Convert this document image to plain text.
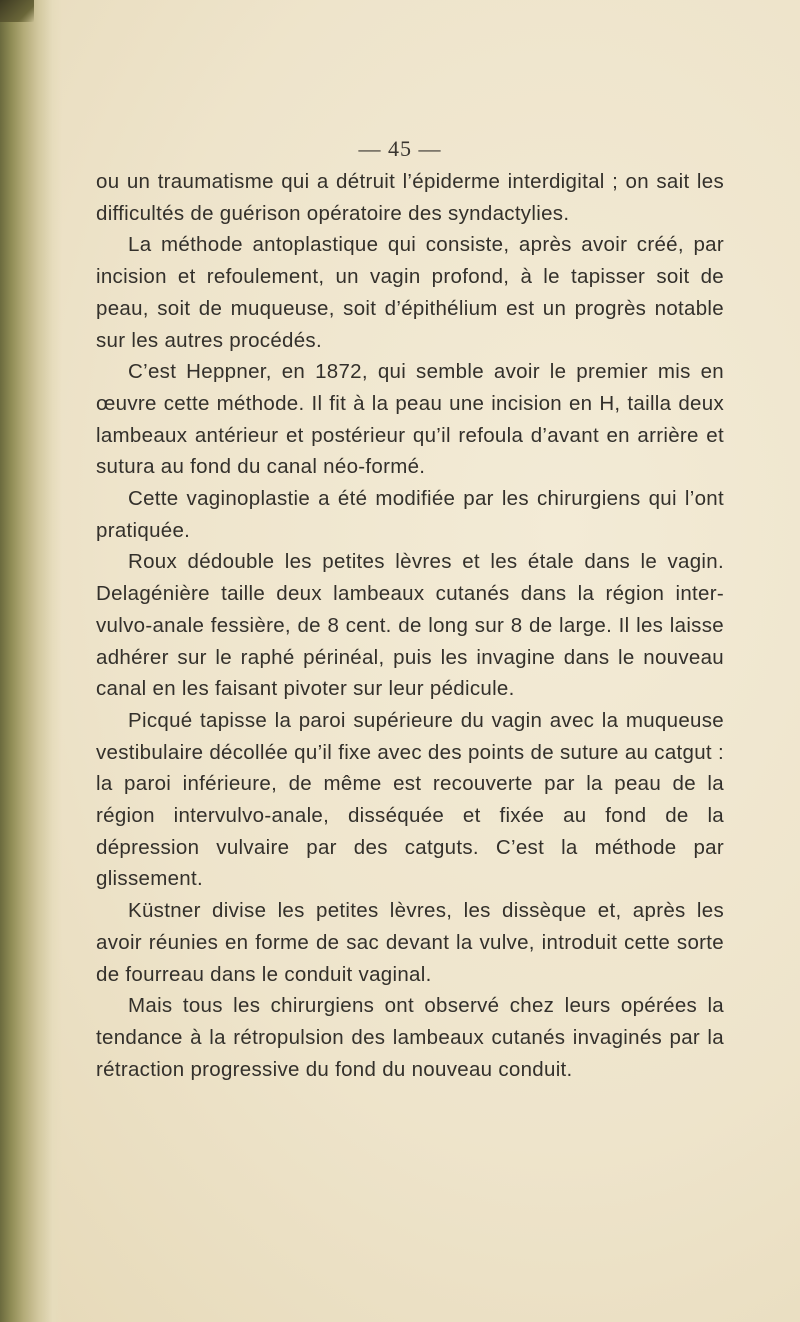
— 45 —

ou un traumatisme qui a détruit l’épiderme interdigital ; on sait les difficultés de guérison opératoire des syndactylies.

La méthode antoplastique qui consiste, après avoir créé, par incision et refoulement, un vagin profond, à le tapisser soit de peau, soit de muqueuse, soit d’épithélium est un progrès notable sur les autres procédés.

C’est Heppner, en 1872, qui semble avoir le premier mis en œuvre cette méthode. Il fit à la peau une incision en H, tailla deux lambeaux antérieur et postérieur qu’il refoula d’avant en arrière et sutura au fond du canal néo-formé.

Cette vaginoplastie a été modifiée par les chirurgiens qui l’ont pratiquée.

Roux dédouble les petites lèvres et les étale dans le vagin. Delagénière taille deux lambeaux cutanés dans la région inter-vulvo-anale fessière, de 8 cent. de long sur 8 de large. Il les laisse adhérer sur le raphé périnéal, puis les invagine dans le nouveau canal en les faisant pivoter sur leur pédicule.

Picqué tapisse la paroi supérieure du vagin avec la muqueuse vestibulaire décollée qu’il fixe avec des points de suture au catgut : la paroi inférieure, de même est recouverte par la peau de la région intervulvo-anale, disséquée et fixée au fond de la dépression vulvaire par des catguts. C’est la méthode par glissement.

Küstner divise les petites lèvres, les dissèque et, après les avoir réunies en forme de sac devant la vulve, introduit cette sorte de fourreau dans le conduit vaginal.

Mais tous les chirurgiens ont observé chez leurs opérées la tendance à la rétropulsion des lambeaux cutanés invaginés par la rétraction progressive du fond du nouveau conduit.
